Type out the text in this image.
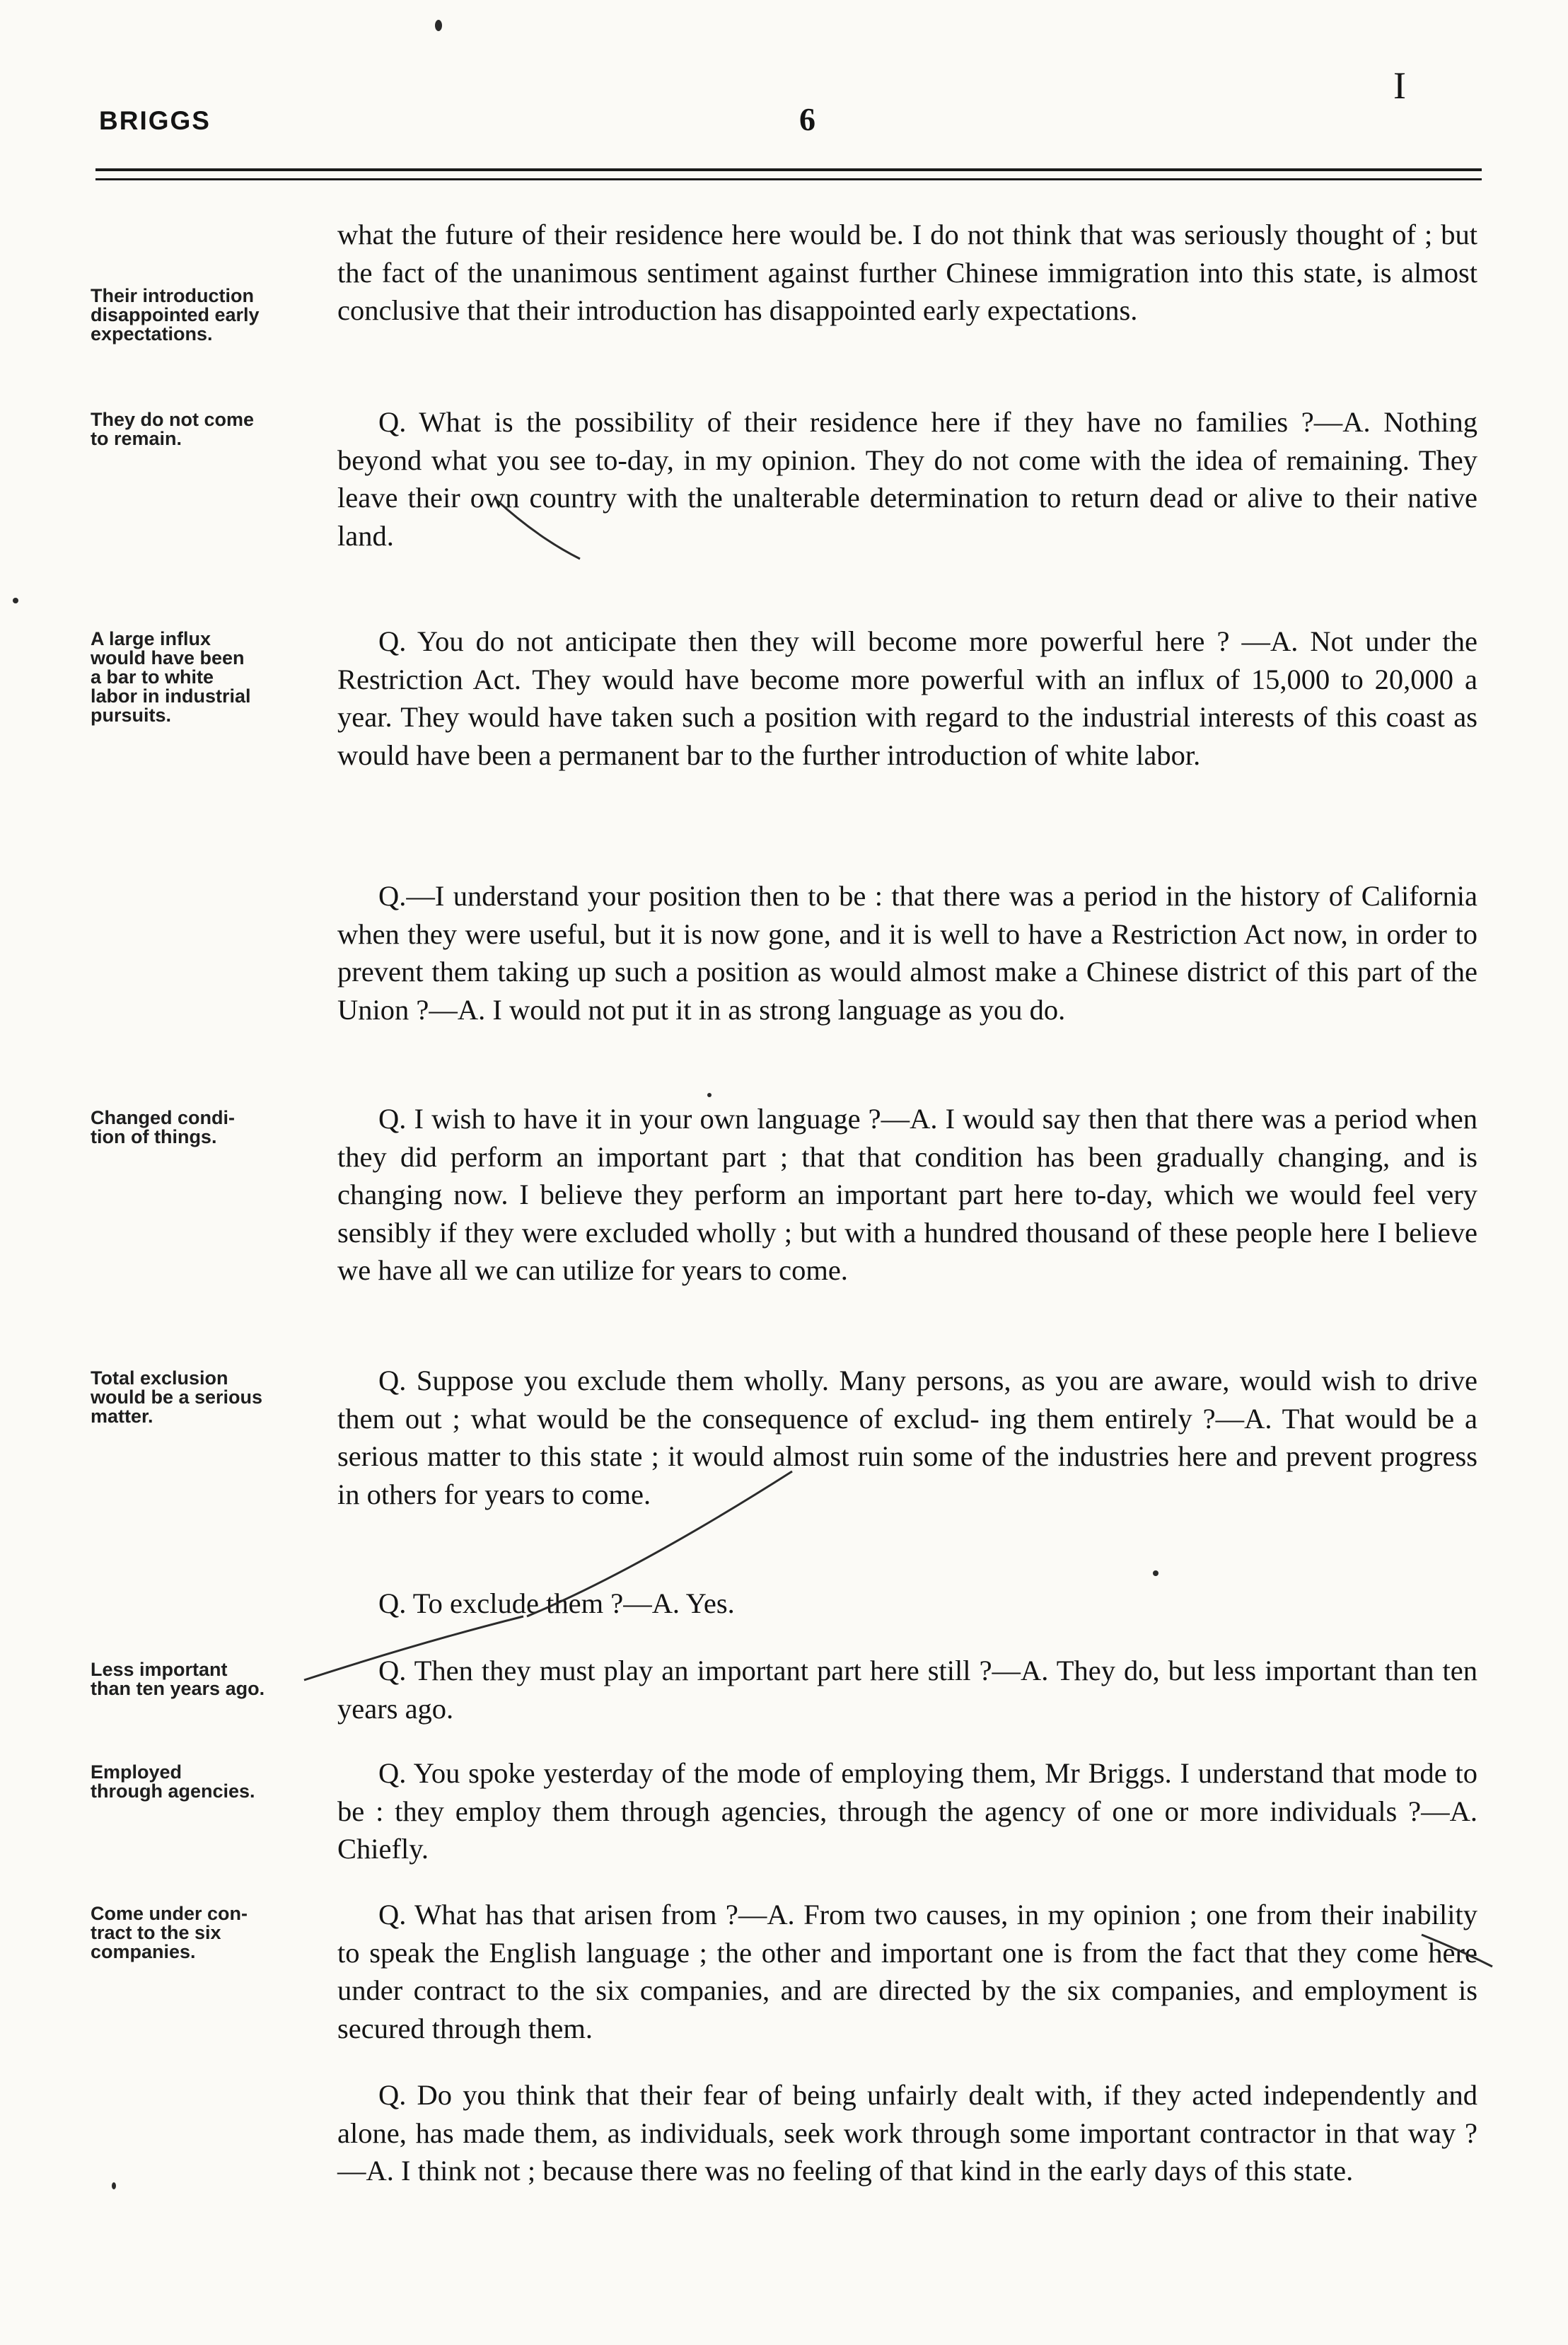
BRIGGS	6
I
Their introduction
disappointed early
expectations.

what the future of their residence here would be. I do not think that was seriously thought of ; but the fact of the unanimous sentiment against further Chinese immigration into this state, is almost conclusive that their introduction has disappointed early expectations.

They do not come
to remain.

Q. What is the possibility of their residence here if they have no families ?—A. Nothing beyond what you see to-day, in my opinion. They do not come with the idea of remaining. They leave their own country with the unalterable determination to return dead or alive to their native land.

A large influx
would have been
a bar to white
labor in industrial
pursuits.

Q. You do not anticipate then they will become more powerful here ? —A. Not under the Restriction Act. They would have become more powerful with an influx of 15,000 to 20,000 a year. They would have taken such a position with regard to the industrial interests of this coast as would have been a permanent bar to the further introduction of white labor.

Q.—I understand your position then to be : that there was a period in the history of California when they were useful, but it is now gone, and it is well to have a Restriction Act now, in order to prevent them taking up such a position as would almost make a Chinese district of this part of the Union ?—A. I would not put it in as strong language as you do.

Changed condi-
tion of things.

Q. I wish to have it in your own language ?—A. I would say then that there was a period when they did perform an important part ; that that condition has been gradually changing, and is changing now. I believe they perform an important part here to-day, which we would feel very sensibly if they were excluded wholly ; but with a hundred thousand of these people here I believe we have all we can utilize for years to come.

Total exclusion
would be a serious
matter.

Q. Suppose you exclude them wholly. Many persons, as you are aware, would wish to drive them out ; what would be the consequence of exclud- ing them entirely ?—A. That would be a serious matter to this state ; it would almost ruin some of the industries here and prevent progress in others for years to come.

Q. To exclude them ?—A. Yes.

Less important
than ten years ago.

Q. Then they must play an important part here still ?—A. They do, but less important than ten years ago.

Employed
through agencies.

Q. You spoke yesterday of the mode of employing them, Mr Briggs. I understand that mode to be : they employ them through agencies, through the agency of one or more individuals ?—A. Chiefly.

Come under con-
tract to the six
companies.

Q. What has that arisen from ?—A. From two causes, in my opinion ; one from their inability to speak the English language ; the other and important one is from the fact that they come here under contract to the six companies, and are directed by the six companies, and employment is secured through them.

Q. Do you think that their fear of being unfairly dealt with, if they acted independently and alone, has made them, as individuals, seek work through some important contractor in that way ?—A. I think not ; because there was no feeling of that kind in the early days of this state.
